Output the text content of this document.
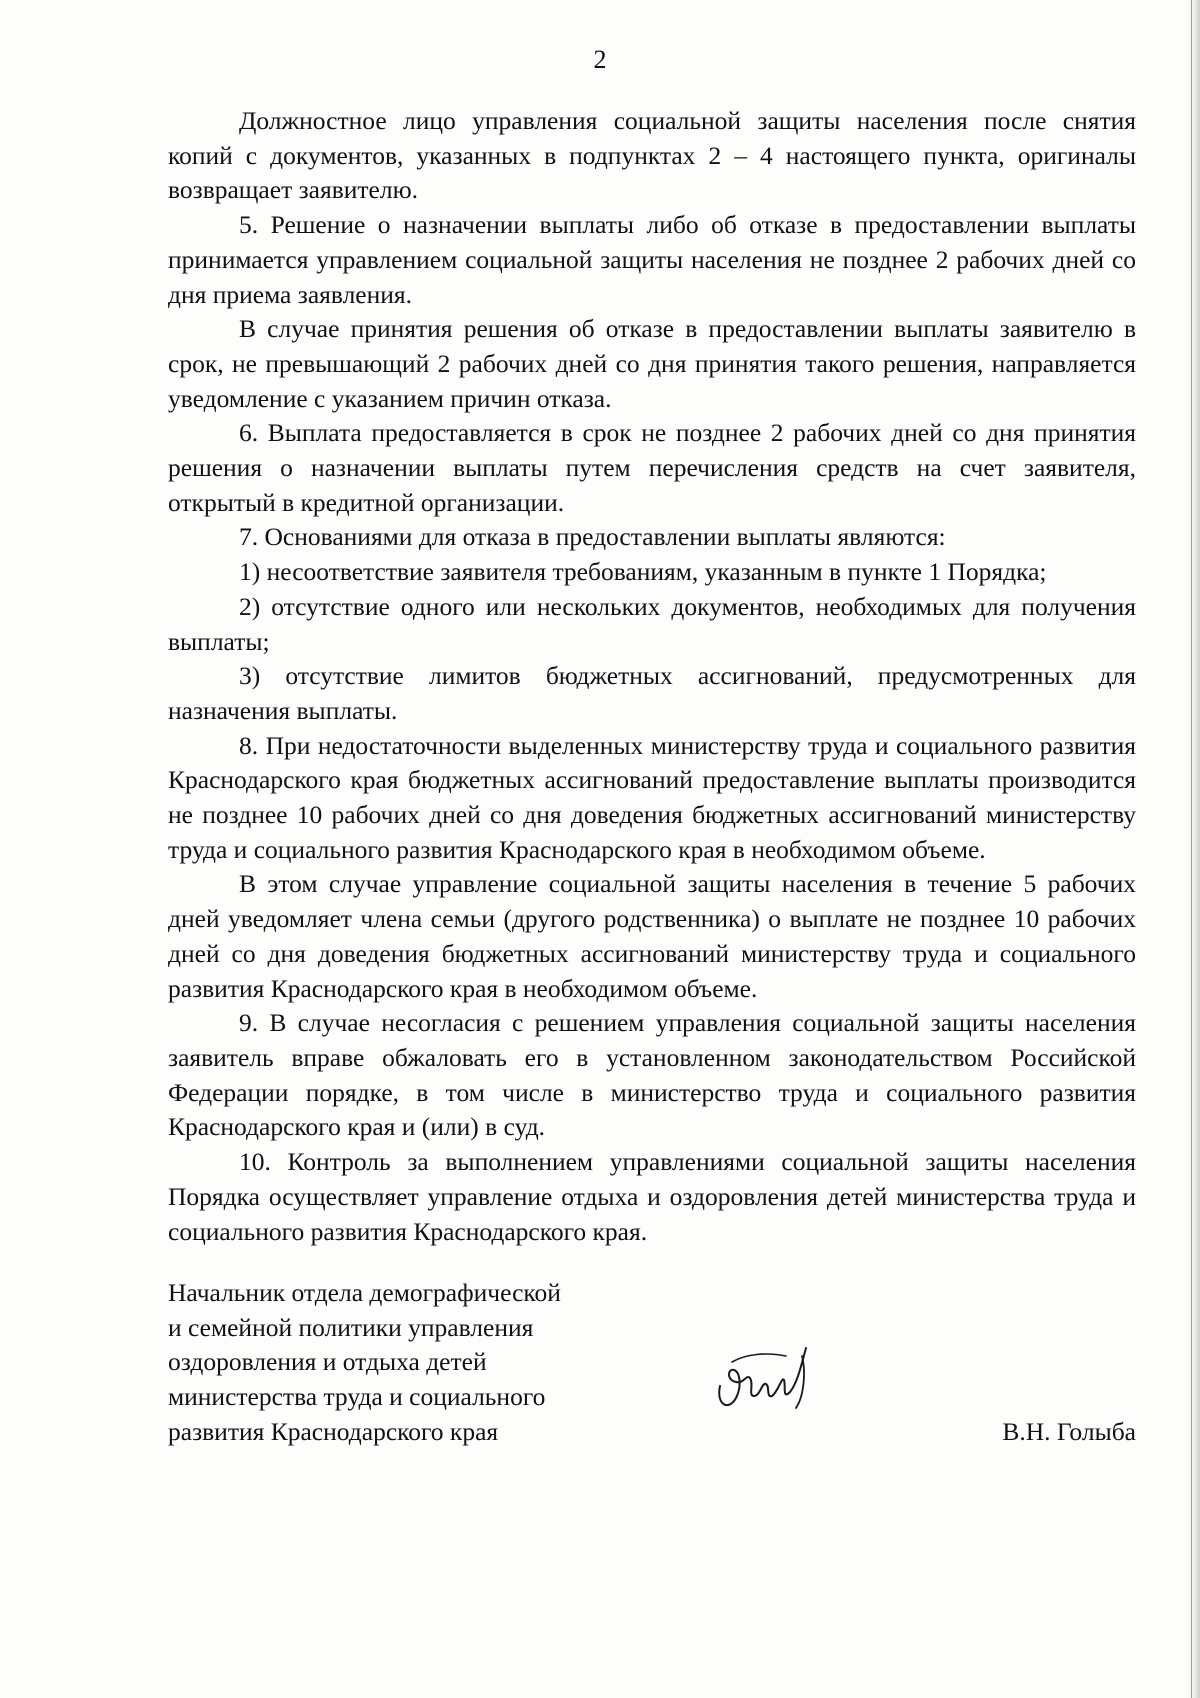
2

Должностное лицо управления социальной защиты населения после снятия копий с документов, указанных в подпунктах 2 – 4 настоящего пункта, оригиналы возвращает заявителю.

5. Решение о назначении выплаты либо об отказе в предоставлении выплаты принимается управлением социальной защиты населения не позднее 2 рабочих дней со дня приема заявления.

В случае принятия решения об отказе в предоставлении выплаты заявителю в срок, не превышающий 2 рабочих дней со дня принятия такого решения, направляется уведомление с указанием причин отказа.

6. Выплата предоставляется в срок не позднее 2 рабочих дней со дня принятия решения о назначении выплаты путем перечисления средств на счет заявителя, открытый в кредитной организации.

7. Основаниями для отказа в предоставлении выплаты являются:

1) несоответствие заявителя требованиям, указанным в пункте 1 Порядка;

2) отсутствие одного или нескольких документов, необходимых для получения выплаты;

3) отсутствие лимитов бюджетных ассигнований, предусмотренных для назначения выплаты.

8. При недостаточности выделенных министерству труда и социального развития Краснодарского края бюджетных ассигнований предоставление выплаты производится не позднее 10 рабочих дней со дня доведения бюджетных ассигнований министерству труда и социального развития Краснодарского края в необходимом объеме.

В этом случае управление социальной защиты населения в течение 5 рабочих дней уведомляет члена семьи (другого родственника) о выплате не позднее 10 рабочих дней со дня доведения бюджетных ассигнований министерству труда и социального развития Краснодарского края в необходимом объеме.

9. В случае несогласия с решением управления социальной защиты населения заявитель вправе обжаловать его в установленном законодательством Российской Федерации порядке, в том числе в министерство труда и социального развития Краснодарского края и (или) в суд.

10. Контроль за выполнением управлениями социальной защиты населения Порядка осуществляет управление отдыха и оздоровления детей министерства труда и социального развития Краснодарского края.

Начальник отдела демографической
и семейной политики управления
оздоровления и отдыха детей
министерства труда и социального
развития Краснодарского края	В.Н. Голыба
